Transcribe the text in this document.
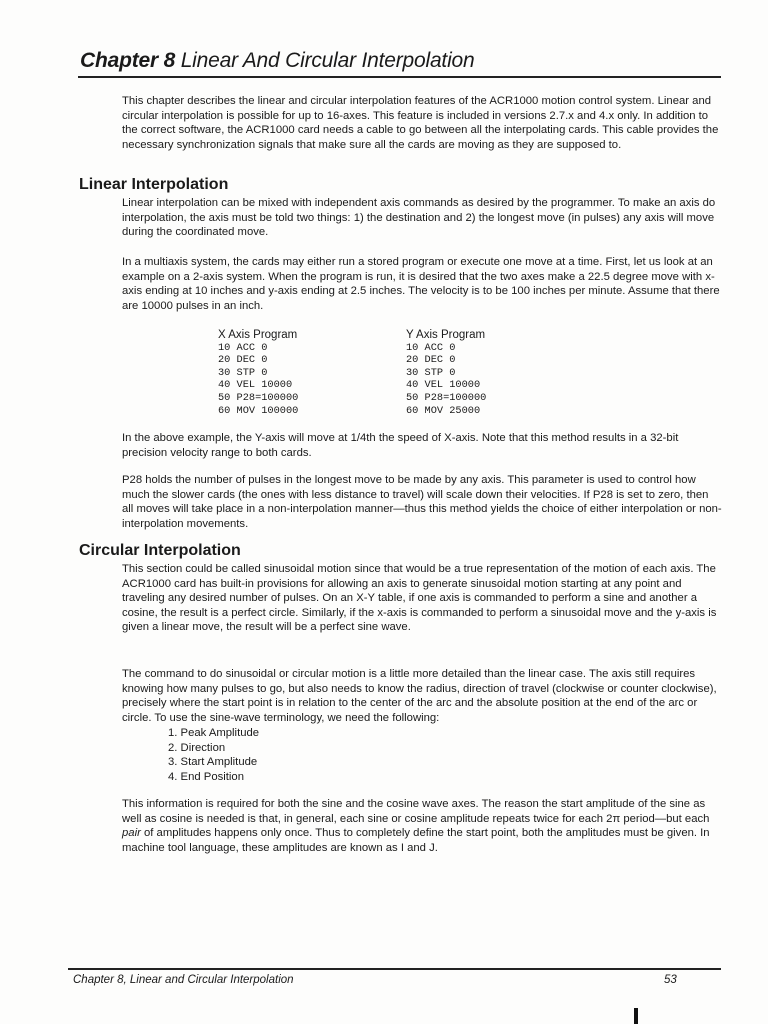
Chapter 8 Linear And Circular Interpolation

This chapter describes the linear and circular interpolation features of the ACR1000 motion control system. Linear and circular interpolation is possible for up to 16-axes. This feature is included in versions 2.7.x and 4.x only. In addition to the correct software, the ACR1000 card needs a cable to go between all the interpolating cards. This cable provides the necessary synchronization signals that make sure all the cards are moving as they are supposed to.

Linear Interpolation

Linear interpolation can be mixed with independent axis commands as desired by the programmer. To make an axis do interpolation, the axis must be told two things: 1) the destination and 2) the longest move (in pulses) any axis will move during the coordinated move.

In a multiaxis system, the cards may either run a stored program or execute one move at a time. First, let us look at an example on a 2-axis system. When the program is run, it is desired that the two axes make a 22.5 degree move with x-axis ending at 10 inches and y-axis ending at 2.5 inches. The velocity is to be 100 inches per minute. Assume that there are 10000 pulses in an inch.

X Axis Program
10 ACC 0
20 DEC 0
30 STP 0
40 VEL 10000
50 P28=100000
60 MOV 100000
Y Axis Program
10 ACC 0
20 DEC 0
30 STP 0
40 VEL 10000
50 P28=100000
60 MOV 25000

In the above example, the Y-axis will move at 1/4th the speed of X-axis. Note that this method results in a 32-bit precision velocity range to both cards.

P28 holds the number of pulses in the longest move to be made by any axis. This parameter is used to control how much the slower cards (the ones with less distance to travel) will scale down their velocities. If P28 is set to zero, then all moves will take place in a non-interpolation manner—thus this method yields the choice of either interpolation or non-interpolation movements.

Circular Interpolation

This section could be called sinusoidal motion since that would be a true representation of the motion of each axis. The ACR1000 card has built-in provisions for allowing an axis to generate sinusoidal motion starting at any point and traveling any desired number of pulses. On an X-Y table, if one axis is commanded to perform a sine and another a cosine, the result is a perfect circle. Similarly, if the x-axis is commanded to perform a sinusoidal move and the y-axis is given a linear move, the result will be a perfect sine wave.

The command to do sinusoidal or circular motion is a little more detailed than the linear case. The axis still requires knowing how many pulses to go, but also needs to know the radius, direction of travel (clockwise or counter clockwise), precisely where the start point is in relation to the center of the arc and the absolute position at the end of the arc or circle. To use the sine-wave terminology, we need the following:

1. Peak Amplitude
2. Direction
3. Start Amplitude
4. End Position

This information is required for both the sine and the cosine wave axes. The reason the start amplitude of the sine as well as cosine is needed is that, in general, each sine or cosine amplitude repeats twice for each 2π period—but each pair of amplitudes happens only once. Thus to completely define the start point, both the amplitudes must be given. In machine tool language, these amplitudes are known as I and J.

Chapter 8, Linear and Circular Interpolation	53
